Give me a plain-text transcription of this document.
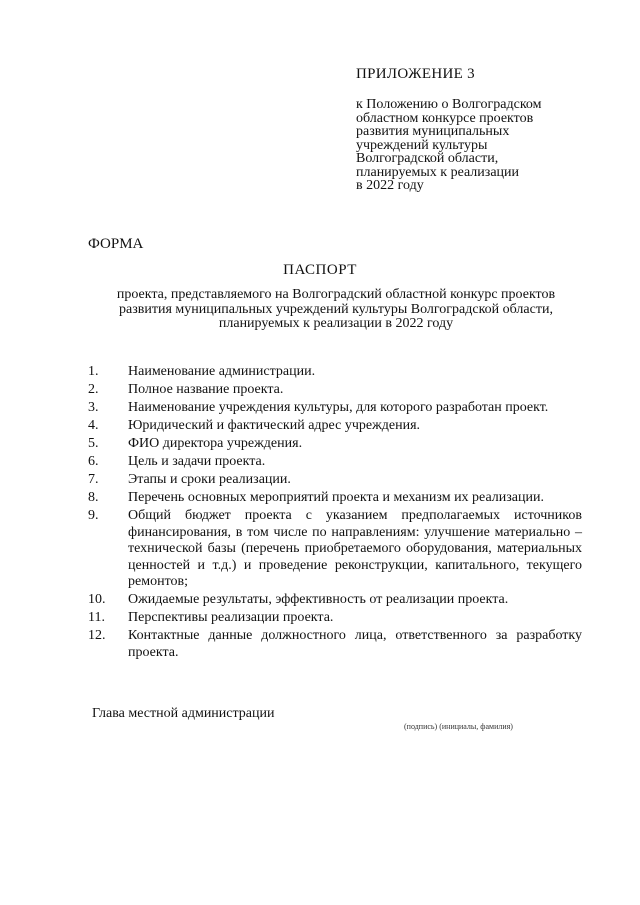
ПРИЛОЖЕНИЕ 3
к Положению о Волгоградском
областном конкурсе проектов
развития муниципальных
учреждений культуры
Волгоградской области,
планируемых к реализации
в 2022 году
ФОРМА
ПАСПОРТ
проекта, представляемого на Волгоградский областной конкурс проектов
развития муниципальных учреждений культуры Волгоградской области,
планируемых к реализации в 2022 году
1. Наименование администрации.
2. Полное название проекта.
3. Наименование учреждения культуры, для которого разработан проект.
4. Юридический и фактический адрес учреждения.
5. ФИО директора учреждения.
6. Цель и задачи проекта.
7. Этапы и сроки реализации.
8. Перечень основных мероприятий проекта и механизм их реализации.
9. Общий бюджет проекта с указанием предполагаемых источников финансирования, в том числе по направлениям: улучшение материально – технической базы (перечень приобретаемого оборудования, материальных ценностей и т.д.) и проведение реконструкции, капитального, текущего ремонтов;
10. Ожидаемые результаты, эффективность от реализации проекта.
11. Перспективы реализации проекта.
12. Контактные данные должностного лица, ответственного за разработку проекта.
Глава местной администрации
(подпись) (инициалы, фамилия)
